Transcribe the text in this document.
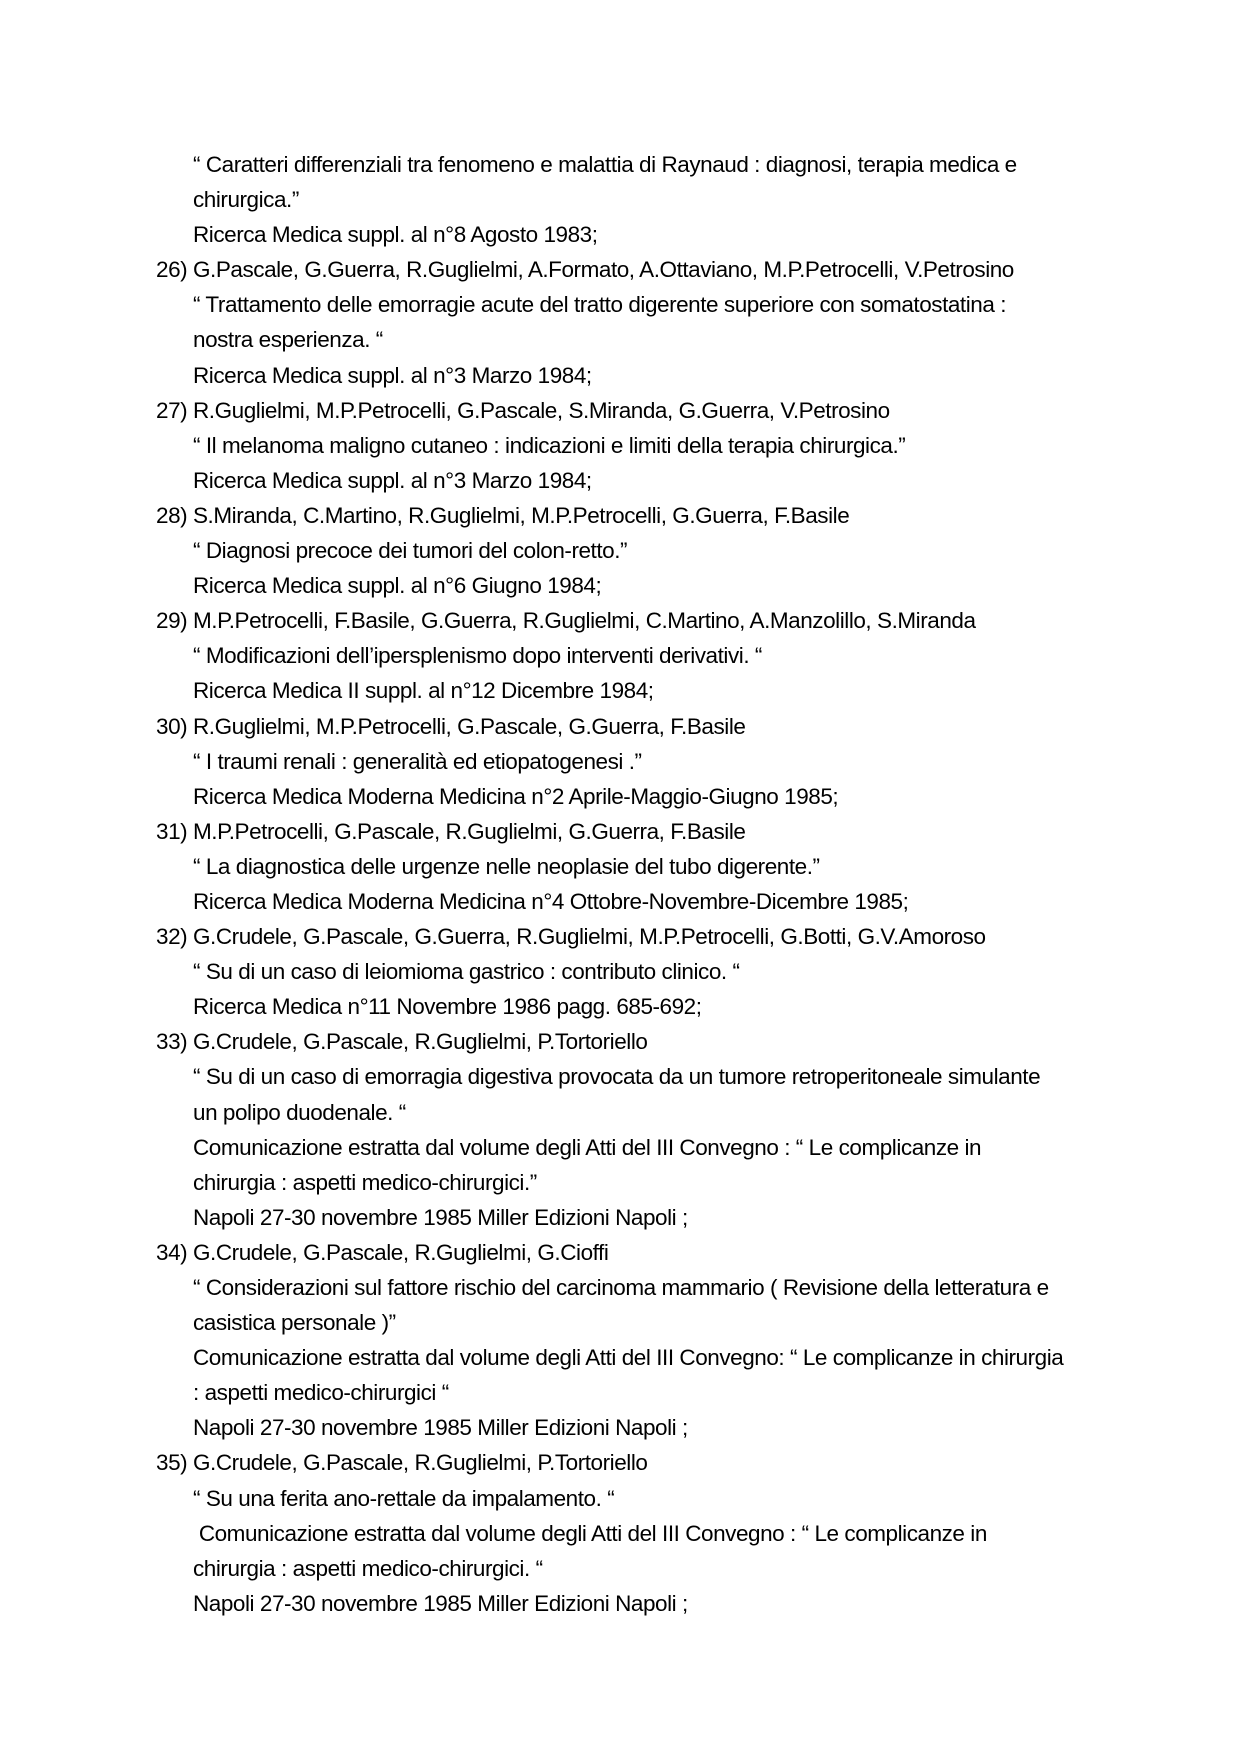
“ Caratteri differenziali tra fenomeno e malattia di Raynaud : diagnosi, terapia medica e
chirurgica.”
Ricerca Medica suppl. al n°8 Agosto 1983;
26) G.Pascale, G.Guerra, R.Guglielmi, A.Formato, A.Ottaviano, M.P.Petrocelli, V.Petrosino
“ Trattamento delle emorragie acute del tratto digerente superiore con somatostatina :
nostra esperienza. “
Ricerca Medica suppl. al n°3 Marzo 1984;
27) R.Guglielmi, M.P.Petrocelli, G.Pascale, S.Miranda, G.Guerra, V.Petrosino
“ Il melanoma maligno cutaneo : indicazioni e limiti della terapia chirurgica.”
Ricerca Medica suppl. al n°3 Marzo 1984;
28) S.Miranda, C.Martino, R.Guglielmi, M.P.Petrocelli, G.Guerra, F.Basile
“ Diagnosi precoce dei tumori del colon-retto.”
Ricerca Medica suppl. al n°6 Giugno 1984;
29) M.P.Petrocelli, F.Basile, G.Guerra, R.Guglielmi, C.Martino, A.Manzolillo, S.Miranda
“ Modificazioni dell’ipersplenismo dopo interventi derivativi. “
Ricerca Medica II suppl. al n°12 Dicembre 1984;
30) R.Guglielmi, M.P.Petrocelli, G.Pascale, G.Guerra, F.Basile
“ I traumi renali : generalità ed etiopatogenesi .”
Ricerca Medica Moderna Medicina n°2 Aprile-Maggio-Giugno 1985;
31) M.P.Petrocelli, G.Pascale, R.Guglielmi, G.Guerra, F.Basile
“ La diagnostica delle urgenze nelle neoplasie del tubo digerente.”
Ricerca Medica Moderna Medicina n°4 Ottobre-Novembre-Dicembre 1985;
32) G.Crudele, G.Pascale, G.Guerra, R.Guglielmi, M.P.Petrocelli, G.Botti, G.V.Amoroso
“ Su di un caso di leiomioma gastrico : contributo clinico. “
Ricerca Medica n°11 Novembre 1986 pagg. 685-692;
33) G.Crudele, G.Pascale, R.Guglielmi, P.Tortoriello
“ Su di un caso di emorragia digestiva provocata da un tumore retroperitoneale simulante
un polipo duodenale. “
Comunicazione estratta dal volume degli Atti del III Convegno : “ Le complicanze in
chirurgia : aspetti medico-chirurgici.”
Napoli 27-30 novembre 1985 Miller Edizioni Napoli ;
34) G.Crudele, G.Pascale, R.Guglielmi, G.Cioffi
“ Considerazioni sul fattore rischio del carcinoma mammario ( Revisione della letteratura e
casistica personale )”
Comunicazione estratta dal volume degli Atti del III Convegno: “ Le complicanze in chirurgia
: aspetti medico-chirurgici “
Napoli 27-30 novembre 1985 Miller Edizioni Napoli ;
35) G.Crudele, G.Pascale, R.Guglielmi, P.Tortoriello
“ Su una ferita ano-rettale da impalamento. “
Comunicazione estratta dal volume degli Atti del III Convegno : “ Le complicanze in
chirurgia : aspetti medico-chirurgici. “
Napoli 27-30 novembre 1985 Miller Edizioni Napoli ;
